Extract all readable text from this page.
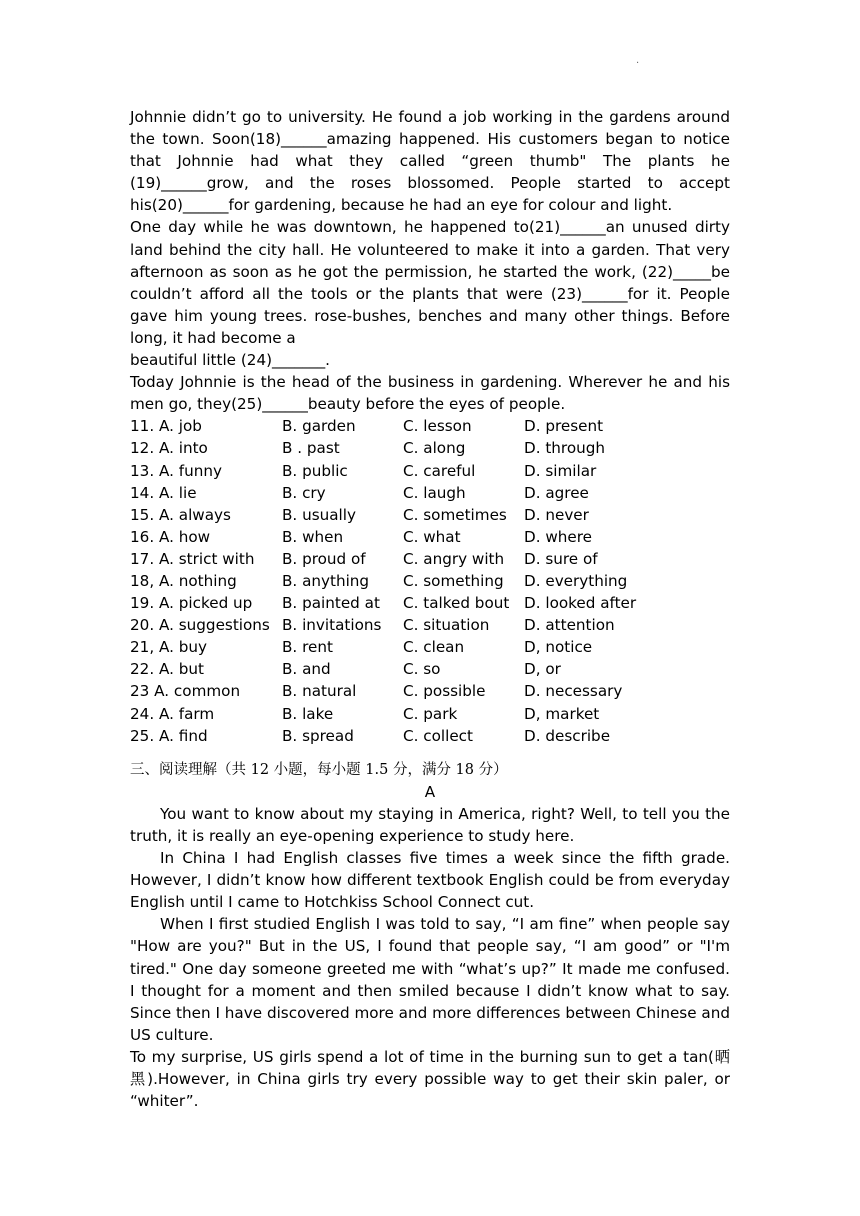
.

Johnnie didn’t go to university. He found a job working in the gardens around the town. Soon(18)______amazing happened. His customers began to notice that Johnnie had what they called “green thumb" The plants he (19)______grow, and the roses blossomed. People started to accept his(20)______for gardening, because he had an eye for colour and light.

One day while he was downtown, he happened to(21)______an unused dirty land behind the city hall. He volunteered to make it into a garden. That very afternoon as soon as he got the permission, he started the work, (22)_____be couldn’t afford all the tools or the plants that were (23)______for it. People gave him young trees. rose-bushes, benches and many other things. Before long, it had become a

beautiful little (24)_______.

Today Johnnie is the head of the business in gardening. Wherever he and his men go, they(25)______beauty before the eyes of people.

11. A. job	B. garden	C. lesson	D. present
12. A. into	B . past	C. along	D. through
13. A. funny	B. public	C. careful	D. similar
14. A. lie	B. cry	C. laugh	D. agree
15. A. always	B. usually	C. sometimes	D. never
16. A. how	B. when	C. what	D. where
17. A. strict with	B. proud of	C. angry with	D. sure of
18, A. nothing	B. anything	C. something	D. everything
19. A. picked up	B. painted at	C. talked bout D. looked after
20. A. suggestions B. invitations	C. situation	D. attention
21, A. buy	B. rent	C. clean	D, notice
22. A. but	B. and	C. so	D, or
23 A. common	B. natural	C. possible	D. necessary
24. A. farm	B. lake	C. park	D, market
25. A. find	B. spread	C. collect	D. describe

三、阅读理解（共 12 小题，每小题 1.5 分，满分 18 分）

A

You want to know about my staying in America, right? Well, to tell you the truth, it is really an eye-opening experience to study here.

In China I had English classes five times a week since the fifth grade. However, I didn’t know how different textbook English could be from everyday English until I came to Hotchkiss School Connect cut.

When I first studied English I was told to say, “I am fine” when people say "How are you?" But in the US, I found that people say, “I am good” or "I'm tired." One day someone greeted me with “what’s up?” It made me confused. I thought for a moment and then smiled because I didn’t know what to say. Since then I have discovered more and more differences between Chinese and US culture.

To my surprise, US girls spend a lot of time in the burning sun to get a tan(晒黑).However, in China girls try every possible way to get their skin paler, or “whiter”.
